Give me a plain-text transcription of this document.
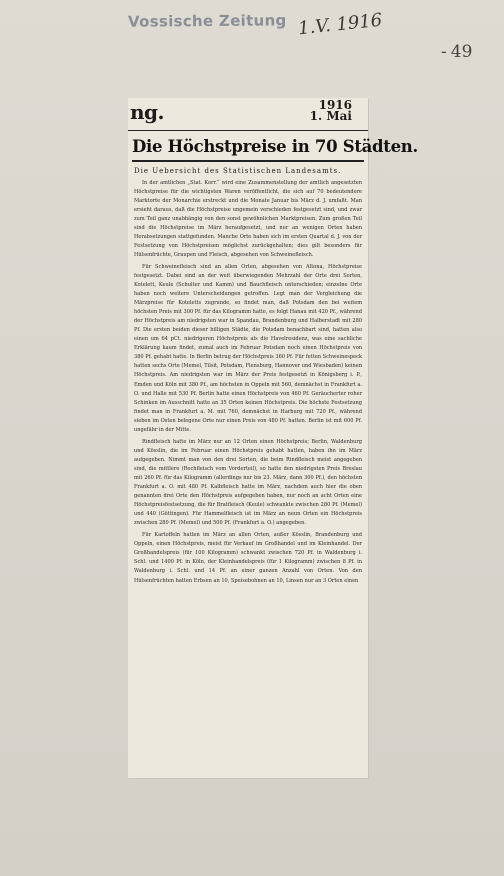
Vossische Zeitung 1.V. 1916
- 49
ng.	1916
1. Mai
Die Höchstpreise in 70 Städten.
Die Uebersicht des Statistischen Landesamts.
In der amtlichen „Stat. Korr.“ wird eine Zusammenstellung der amtlich angesetzten Höchstpreise für die wichtigsten Waren veröffentlicht, die sich auf 70 bedeutendere Marktorte der Monarchie erstreckt und die Monate Januar bis März d. J. umfaßt. Man ersieht daraus, daß die Höchstpreise ungemein verschieden festgesetzt sind, und zwar zum Teil ganz unabhängig von den sonst gewöhnlichen Marktpreisen. Zum großen Teil sind die Höchstpreise im März heraufgesetzt, und nur an wenigen Orten haben Herabsetzungen stattgefunden. Manche Orte haben sich im ersten Quartal d. J. von der Festsetzung von Höchstpreisen möglichst zurückgehalten; dies gilt besonders für Hülsenfrüchte, Graupen und Fleisch, abgesehen von Schweinefleisch.
Für Schweinefleisch sind an allen Orten, abgesehen von Altona, Höchstpreise festgesetzt. Dabei sind an der weit überwiegenden Mehrzahl der Orte drei Sorten, Kotelett, Keule (Schulter und Kamm) und Bauchfleisch unterschieden; einzelne Orte haben noch weitere Unterscheidungen getroffen. Legt man der Vergleichung die Märzpreise für Koteletts zugrunde, so findet man, daß Potsdam den bei weitem höchsten Preis mit 300 Pf. für das Kilogramm hatte, es folgt Hanau mit 420 Pf., während der Höchstpreis am niedrigsten war in Spandau, Brandenburg und Halberstadt mit 280 Pf. Die ersten beiden dieser billigen Städte, die Potsdam benachbart sind, hatten also einen um 64 pCt. niedrigeren Höchstpreis als die Havelresidenz, was eine sachliche Erklärung kaum findet, zumal auch im Februar Potsdam noch einen Höchstpreis von 380 Pf. gehabt hatte. In Berlin betrug der Höchstpreis 360 Pf. Für fetten Schweinespeck hatten sechs Orte (Memel, Tilsit, Potsdam, Flensburg, Hannover und Wiesbaden) keinen Höchstpreis. Am niedrigsten war im März der Preis festgesetzt in Königsberg i. P., Emden und Köln mit 380 Pf., am höchsten in Oppeln mit 560, demnächst in Frankfurt a. O. und Halle mit 530 Pf. Berlin hatte einen Höchstpreis von 460 Pf. Geräucherter roher Schinken im Ausschnitt hatte an 35 Orten keinen Höchstpreis. Die höchste Festsetzung findet man in Frankfurt a. M. mit 760, demnächst in Harburg mit 720 Pf., während sieben im Osten belegene Orte nur einen Preis von 480 Pf. hatten. Berlin ist mit 600 Pf. ungefähr in der Mitte.
Rindfleisch hatte im März nur an 12 Orten einen Höchstpreis; Berlin, Waldenburg und Kösslin, die im Februar einen Höchstpreis gehabt hatten, haben ihn im März aufgegeben. Nimmt man von den drei Sorten, die beim Rindfleisch meist angegeben sind, die mittlere (Rochfleisch vom Vorderteil), so hatte den niedrigsten Preis Breslau mit 260 Pf. für das Kilogramm (allerdings nur bis 23. März, dann 300 Pf.), den höchsten Frankfurt a. O. mit 480 Pf. Kalbfleisch hatte im März, nachdem auch hier die oben genannten drei Orte den Höchstpreis aufgegeben haben, nur noch an acht Orten eine Höchstpreisfestsetzung, die für Bratfleisch (Keule) schwankte zwischen 280 Pf. (Memel) und 440 (Göttingen). Für Hammelfleisch ist im März an neun Orten ein Höchstpreis zwischen 280 Pf. (Memel) und 500 Pf. (Frankfurt a. O.) angegeben.
Für Kartoffeln hatten im März an allen Orten, außer Kösslin, Brandenburg und Oppeln, einen Höchstpreis, meist für Verkauf im Großhandel und im Kleinhandel. Der Großhandelspreis (für 100 Kilogramm) schwankt zwischen 720 Pf. in Waldenburg i. Schl. und 1400 Pf. in Köln, der Kleinhandelspreis (für 1 Kilogramm) zwischen 8 Pf. in Waldenburg i. Schl. und 14 Pf. an einer ganzen Anzahl von Orten. Von den Hülsenfrüchten hatten Erbsen an 10, Speisebohnen an 10, Linsen nur an 3 Orten einen
